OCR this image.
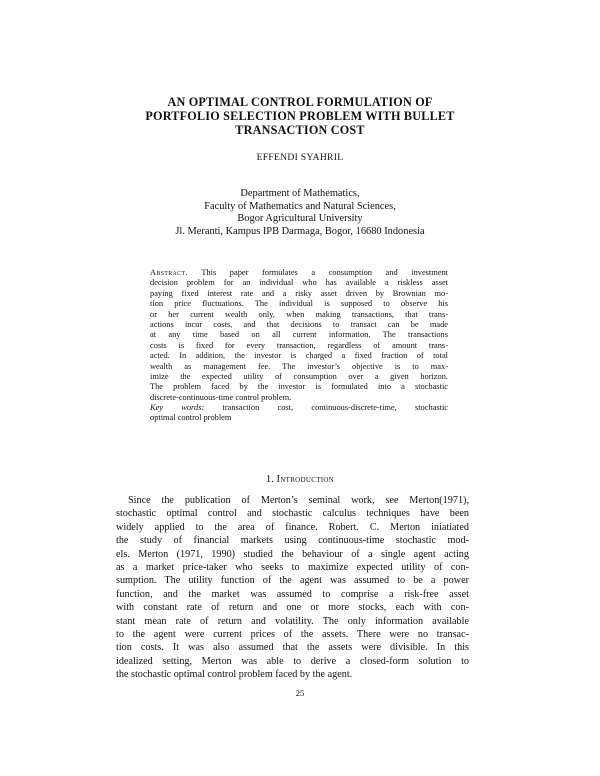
AN OPTIMAL CONTROL FORMULATION OF
PORTFOLIO SELECTION PROBLEM WITH BULLET
TRANSACTION COST
EFFENDI SYAHRIL
Department of Mathematics,
Faculty of Mathematics and Natural Sciences,
Bogor Agricultural University
Jl. Meranti, Kampus IPB Darmaga, Bogor, 16680 Indonesia
Abstract. This paper formulates a consumption and investment
decision problem for an individual who has available a riskless asset
paying fixed interest rate and a risky asset driven by Brownian mo-
tion price fluctuations. The individual is supposed to observe his
or her current wealth only, when making transactions, that trans-
actions incur costs, and that decisions to transact can be made
at any time based on all current information. The transactions
costs is fixed for every transaction, regardless of amount trans-
acted. In addition, the investor is charged a fixed fraction of total
wealth as management fee. The investor’s objective is to max-
imize the expected utility of consumption over a given horizon.
The problem faced by the investor is formulated into a stochastic
discrete-continuous-time control problem.
Key words: transaction cost, continuous-discrete-time, stochastic
optimal control problem
1. Introduction
Since the publication of Merton’s seminal work, see Merton(1971),
stochastic optimal control and stochastic calculus techniques have been
widely applied to the area of finance. Robert. C. Merton iniatiated
the study of financial markets using continuous-time stochastic mod-
els. Merton (1971, 1990) studied the behaviour of a single agent acting
as a market price-taker who seeks to maximize expected utility of con-
sumption. The utility function of the agent was assumed to be a power
function, and the market was assumed to comprise a risk-free asset
with constant rate of return and one or more stocks, each with con-
stant mean rate of return and volatility. The only information available
to the agent were current prices of the assets. There were no transac-
tion costs. It was also assumed that the assets were divisible. In this
idealized setting, Merton was able to derive a closed-form solution to
the stochastic optimal control problem faced by the agent.
25
